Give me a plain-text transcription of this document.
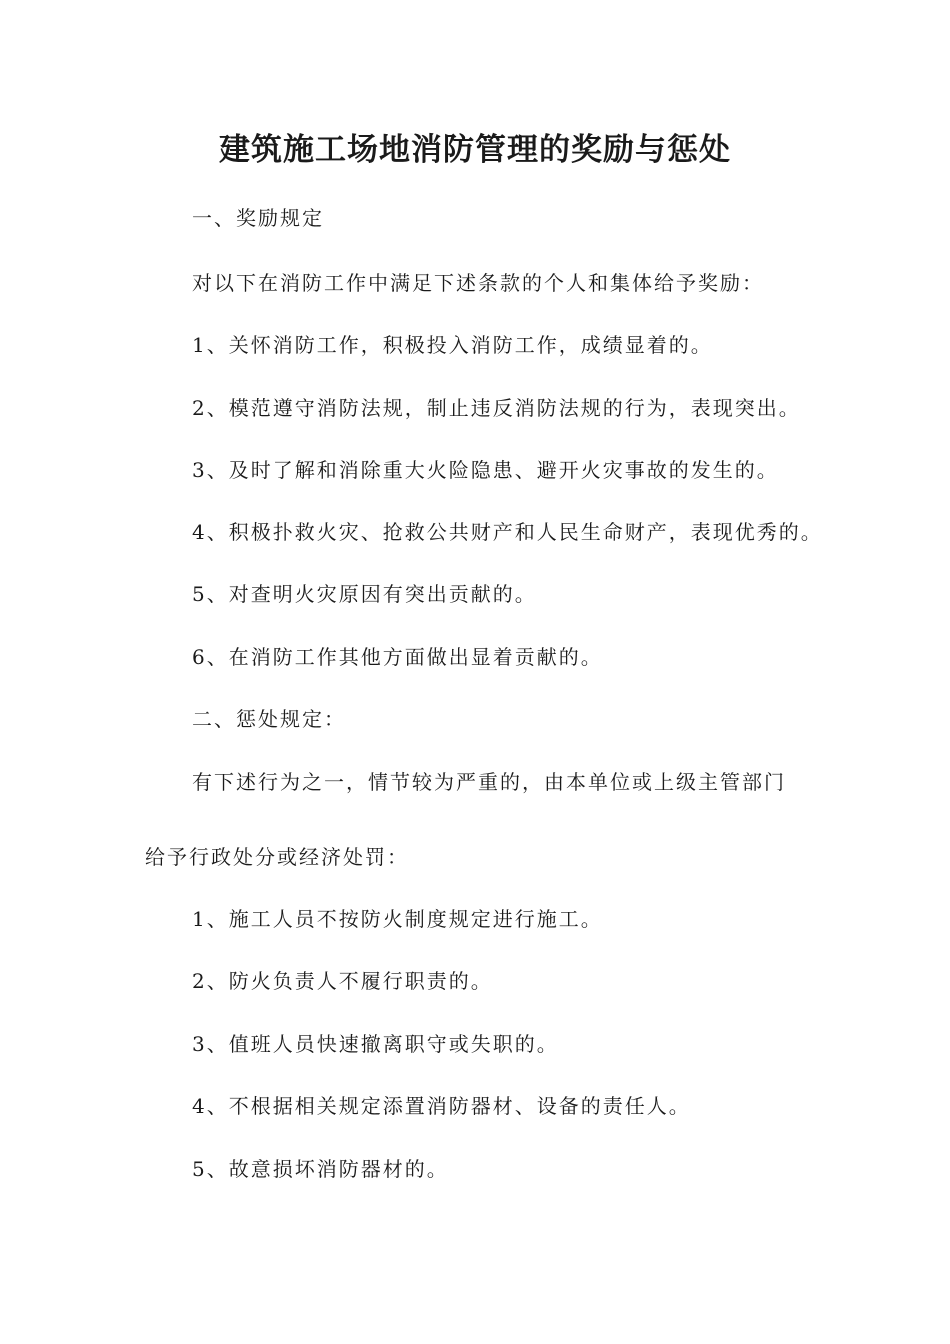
建筑施工场地消防管理的奖励与惩处
一、奖励规定
对以下在消防工作中满足下述条款的个人和集体给予奖励：
1、关怀消防工作，积极投入消防工作，成绩显着的。
2、模范遵守消防法规，制止违反消防法规的行为，表现突出。
3、及时了解和消除重大火险隐患、避开火灾事故的发生的。
4、积极扑救火灾、抢救公共财产和人民生命财产，表现优秀的。
5、对查明火灾原因有突出贡献的。
6、在消防工作其他方面做出显着贡献的。
二、惩处规定：
有下述行为之一，情节较为严重的，由本单位或上级主管部门
给予行政处分或经济处罚：
1、施工人员不按防火制度规定进行施工。
2、防火负责人不履行职责的。
3、值班人员快速撤离职守或失职的。
4、不根据相关规定添置消防器材、设备的责任人。
5、故意损坏消防器材的。
